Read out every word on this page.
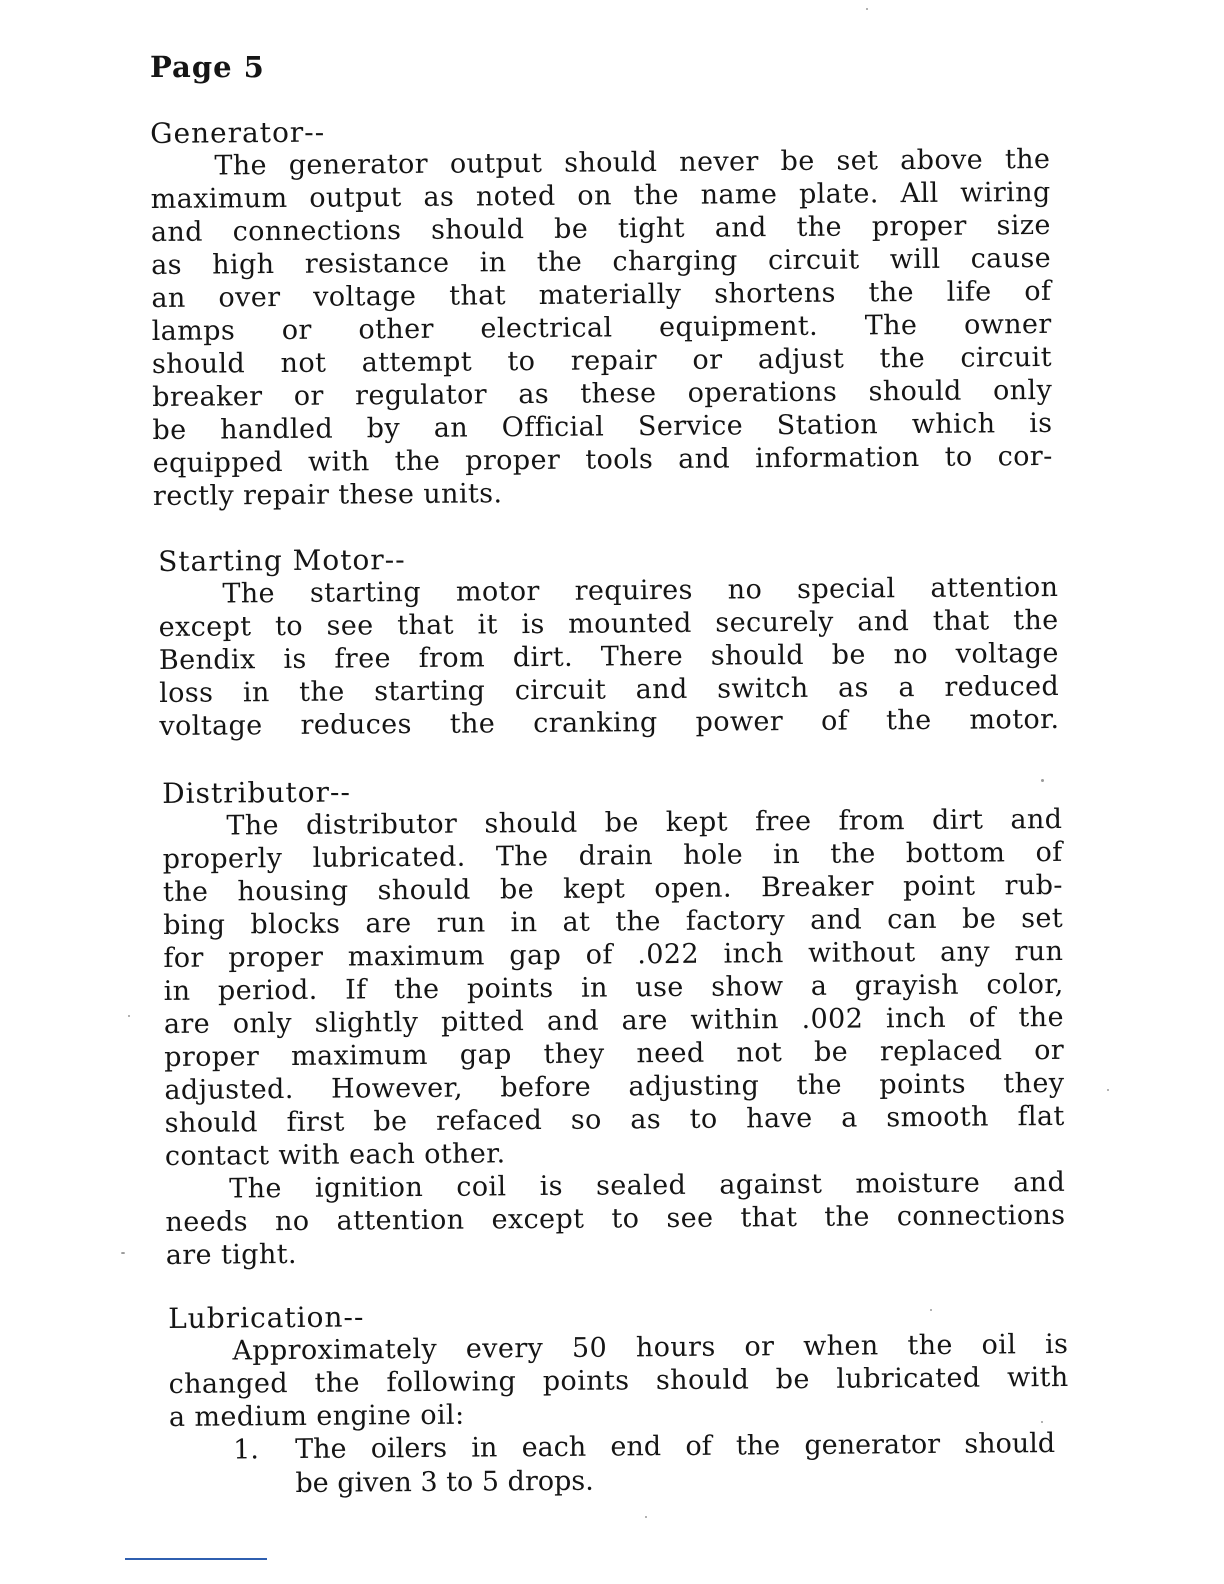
Page 5
Generator--
The generator output should never be set above the
maximum output as noted on the name plate. All wiring
and connections should be tight and the proper size
as high resistance in the charging circuit will cause
an over voltage that materially shortens the life of
lamps or other electrical equipment. The owner
should not attempt to repair or adjust the circuit
breaker or regulator as these operations should only
be handled by an Official Service Station which is
equipped with the proper tools and information to cor-
rectly repair these units.
Starting Motor--
The starting motor requires no special attention
except to see that it is mounted securely and that the
Bendix is free from dirt. There should be no voltage
loss in the starting circuit and switch as a reduced
voltage reduces the cranking power of the motor.
Distributor--
The distributor should be kept free from dirt and
properly lubricated. The drain hole in the bottom of
the housing should be kept open. Breaker point rub-
bing blocks are run in at the factory and can be set
for proper maximum gap of .022 inch without any run
in period. If the points in use show a grayish color,
are only slightly pitted and are within .002 inch of the
proper maximum gap they need not be replaced or
adjusted. However, before adjusting the points they
should first be refaced so as to have a smooth flat
contact with each other.
The ignition coil is sealed against moisture and
needs no attention except to see that the connections
are tight.
Lubrication--
Approximately every 50 hours or when the oil is
changed the following points should be lubricated with
a medium engine oil:
1. The oilers in each end of the generator should
be given 3 to 5 drops.
